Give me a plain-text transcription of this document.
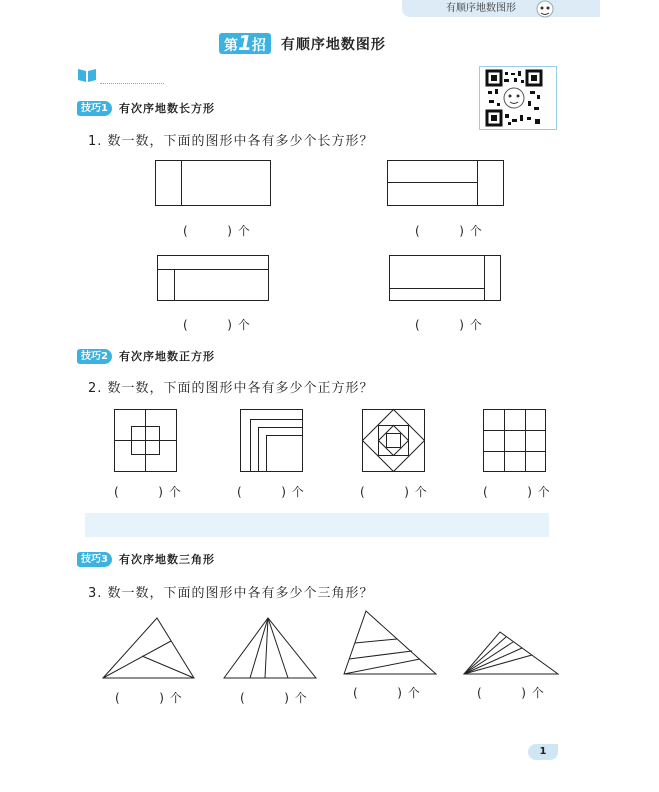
有顺序地数图形
第1招	有顺序地数图形
技巧1	有次序地数长方形
1. 数一数，下面的图形中各有多少个长方形？
(        ) 个	(        ) 个
(        ) 个	(        ) 个
技巧2	有次序地数正方形
2. 数一数，下面的图形中各有多少个正方形？
(        ) 个	(        ) 个	(        ) 个	(        ) 个
技巧3	有次序地数三角形
3. 数一数，下面的图形中各有多少个三角形？
(        ) 个	(        ) 个	(        ) 个	(        ) 个
1
